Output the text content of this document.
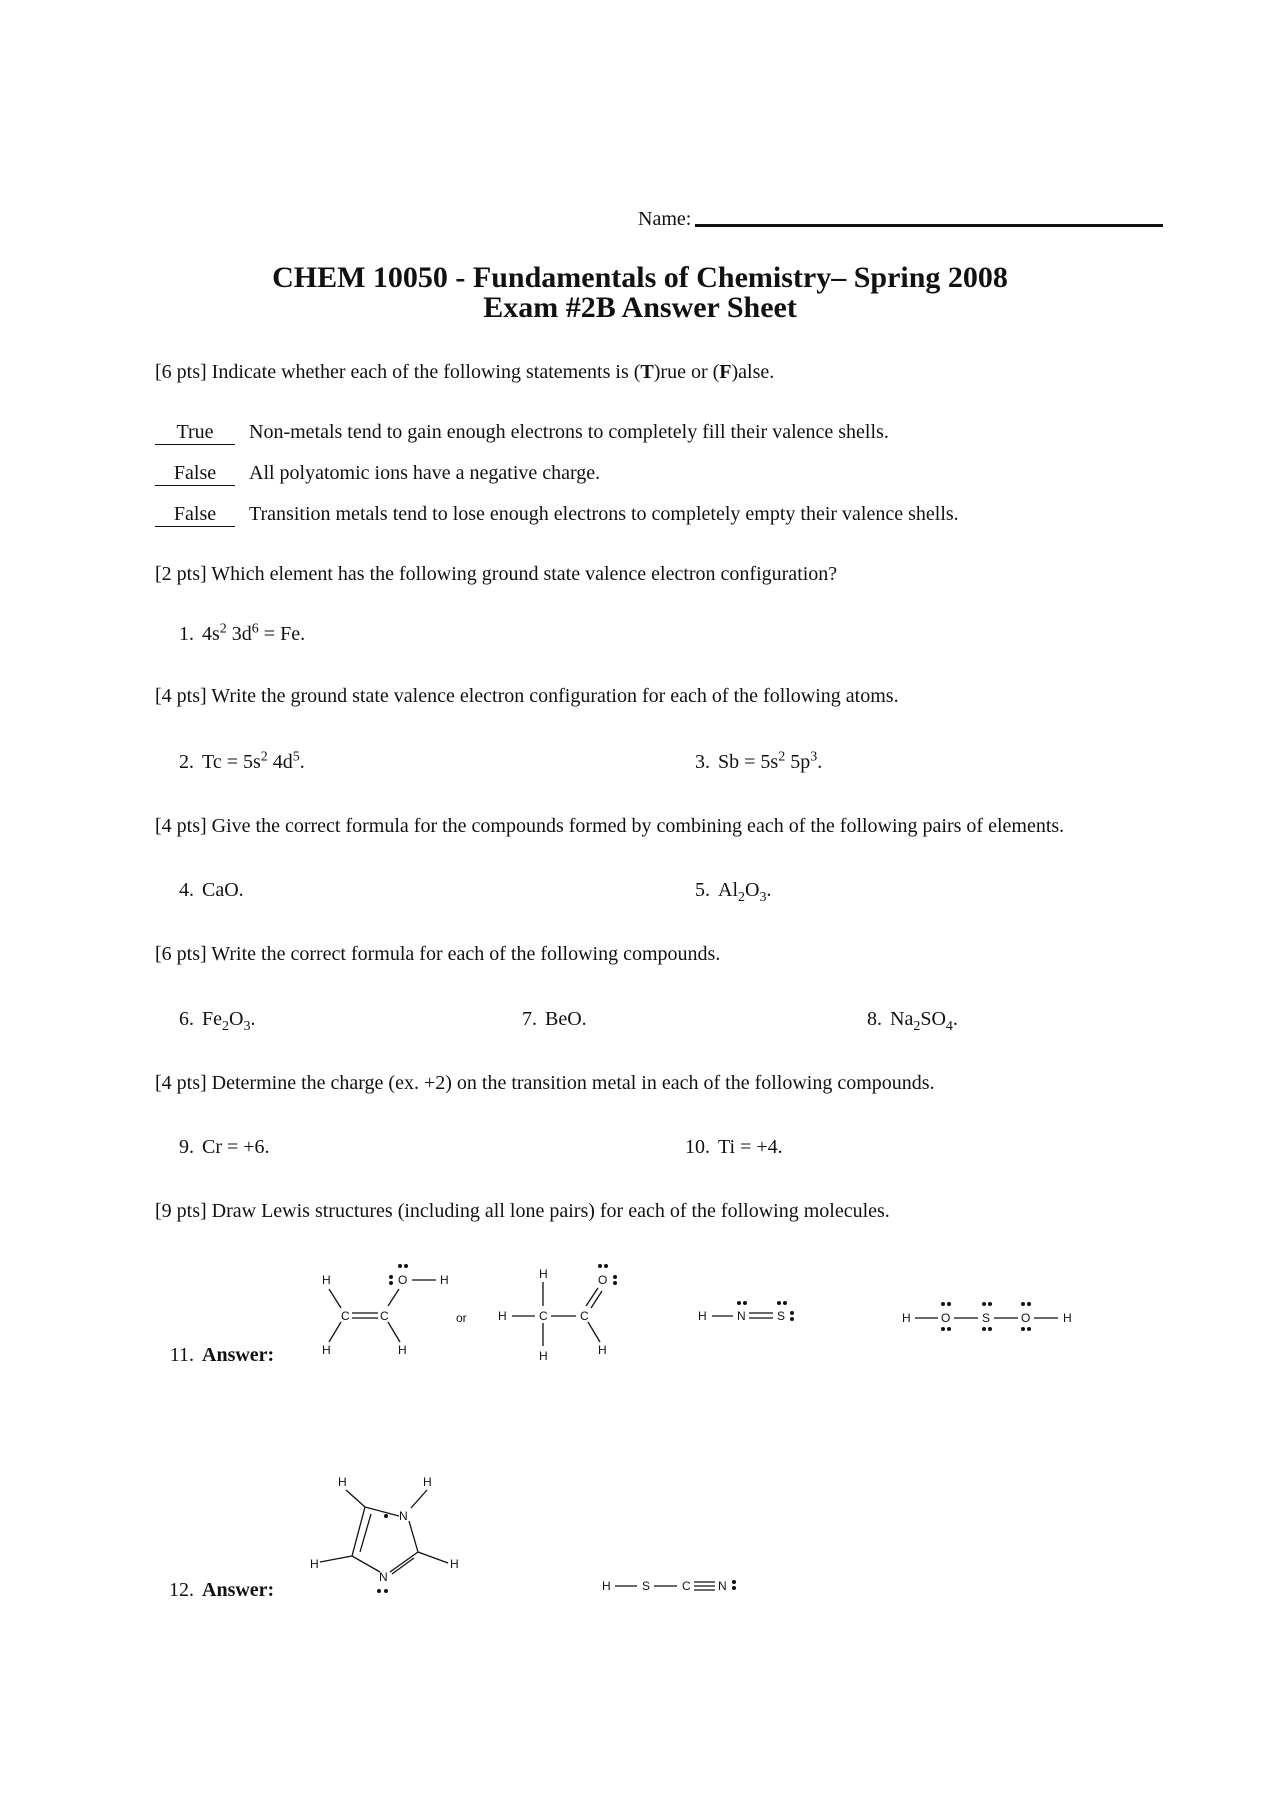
Name:
CHEM 10050 - Fundamentals of Chemistry– Spring 2008
Exam #2B Answer Sheet
[6 pts] Indicate whether each of the following statements is (T)rue or (F)alse.
True Non-metals tend to gain enough electrons to completely fill their valence shells.
False All polyatomic ions have a negative charge.
False Transition metals tend to lose enough electrons to completely empty their valence shells.
[2 pts] Which element has the following ground state valence electron configuration?
1. $4s^2$ $3d^6 = Fe$.
[4 pts] Write the ground state valence electron configuration for each of the following atoms.
2. $Tc = 5s^2$ $4d^5$.	3. $Sb = 5s^2$ $5p^3$.
[4 pts] Give the correct formula for the compounds formed by combining each of the following pairs of elements.
4. CaO.	5. $Al_2O_3$.
[6 pts] Write the correct formula for each of the following compounds.
6. $Fe_2O_3$.	7. BeO.	8. $Na_2SO_4$.
[4 pts] Determine the charge (ex. +2) on the transition metal in each of the following compounds.
9. Cr = +6.	10. Ti = +4.
[9 pts] Draw Lewis structures (including all lone pairs) for each of the following molecules.
11. Answer:
12. Answer:
H
H
C	C
O	H
H
or
H
H	C	C
H
O
H
H	N	S	H	O	S	O	H
H	H
N
H	H
N
H	S	C N
